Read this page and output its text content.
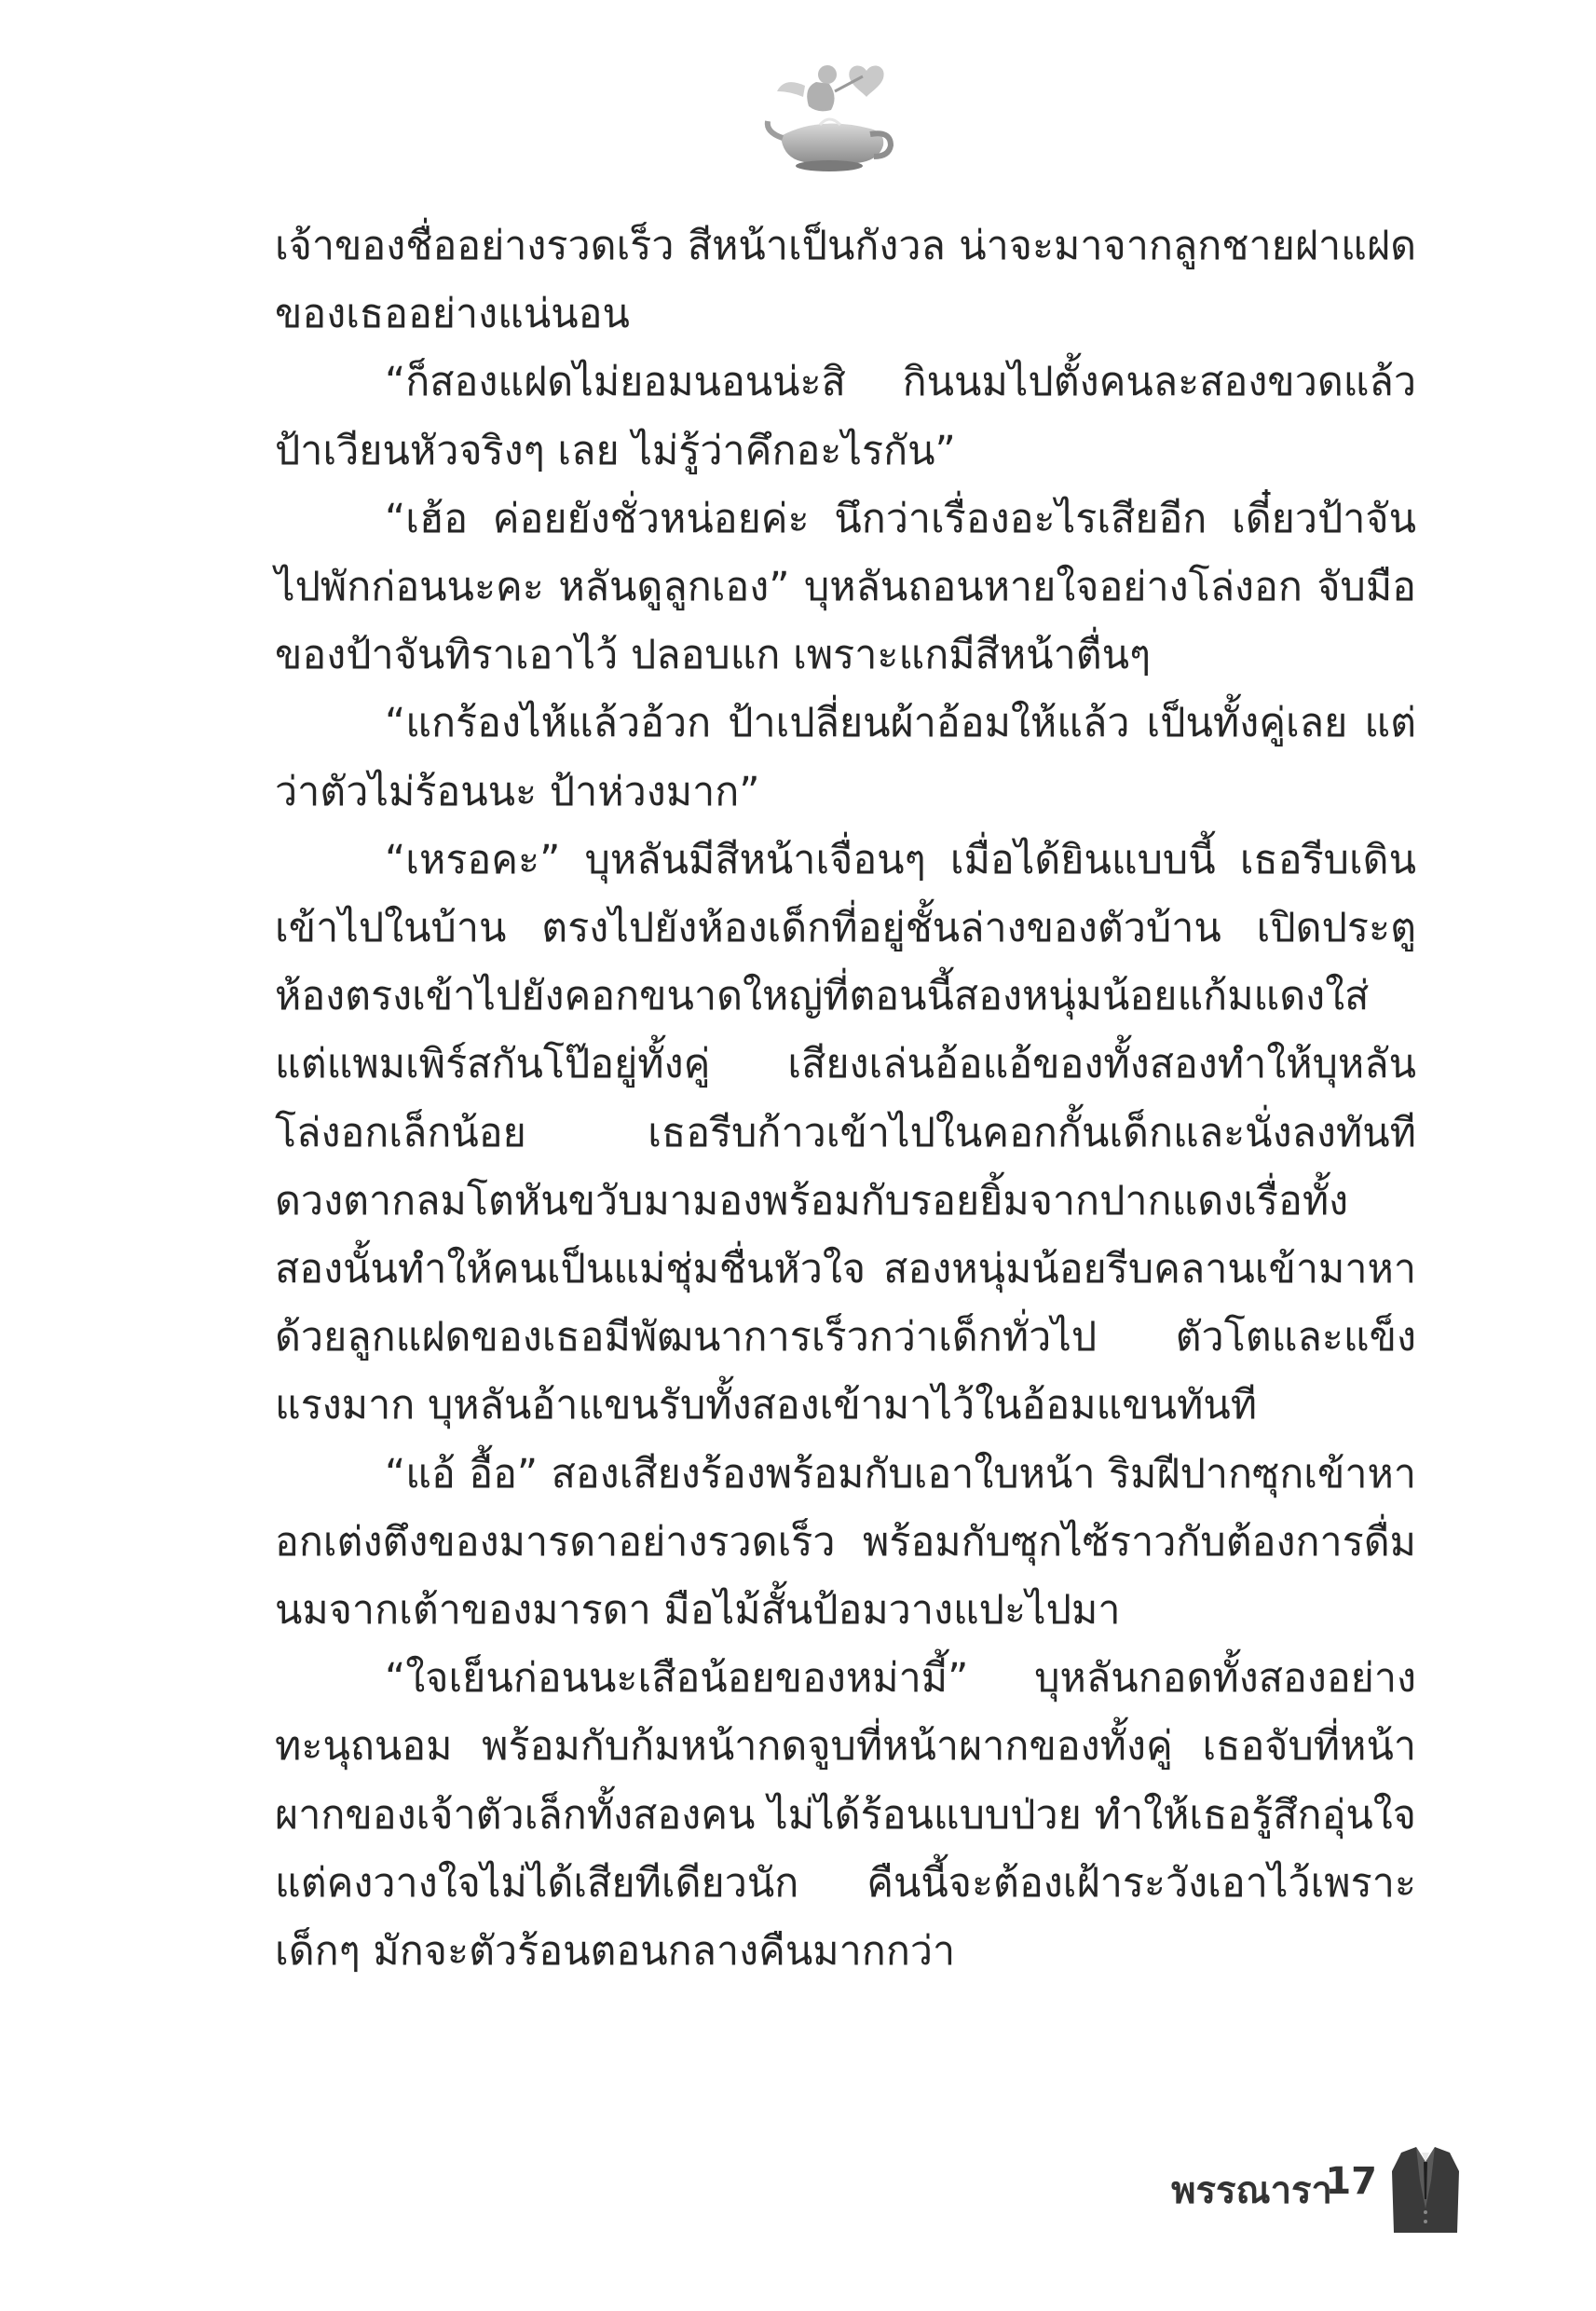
เจ้าของชื่ออย่างรวดเร็ว สีหน้าเป็นกังวล น่าจะมาจากลูกชายฝาแฝดของเธออย่างแน่นอน

“ก็สองแฝดไม่ยอมนอนน่ะสิ กินนมไปตั้งคนละสองขวดแล้ว ป้าเวียนหัวจริงๆ เลย ไม่รู้ว่าคึกอะไรกัน”

“เฮ้อ ค่อยยังชั่วหน่อยค่ะ นึกว่าเรื่องอะไรเสียอีก เดี๋ยวป้าจันไปพักก่อนนะคะ หลันดูลูกเอง” บุหลันถอนหายใจอย่างโล่งอก จับมือของป้าจันทิราเอาไว้ ปลอบแก เพราะแกมีสีหน้าตื่นๆ

“แกร้องไห้แล้วอ้วก ป้าเปลี่ยนผ้าอ้อมให้แล้ว เป็นทั้งคู่เลย แต่ว่าตัวไม่ร้อนนะ ป้าห่วงมาก”

“เหรอคะ” บุหลันมีสีหน้าเจื่อนๆ เมื่อได้ยินแบบนี้ เธอรีบเดินเข้าไปในบ้าน ตรงไปยังห้องเด็กที่อยู่ชั้นล่างของตัวบ้าน เปิดประตูห้องตรงเข้าไปยังคอกขนาดใหญ่ที่ตอนนี้สองหนุ่มน้อยแก้มแดงใส่แต่แพมเพิร์สกันโป๊อยู่ทั้งคู่ เสียงเล่นอ้อแอ้ของทั้งสองทำให้บุหลันโล่งอกเล็กน้อย เธอรีบก้าวเข้าไปในคอกกั้นเด็กและนั่งลงทันที ดวงตากลมโตหันขวับมามองพร้อมกับรอยยิ้มจากปากแดงเรื่อทั้งสองนั้นทำให้คนเป็นแม่ชุ่มชื่นหัวใจ สองหนุ่มน้อยรีบคลานเข้ามาหา ด้วยลูกแฝดของเธอมีพัฒนาการเร็วกว่าเด็กทั่วไป ตัวโตและแข็งแรงมาก บุหลันอ้าแขนรับทั้งสองเข้ามาไว้ในอ้อมแขนทันที

“แอ้ อื้อ” สองเสียงร้องพร้อมกับเอาใบหน้า ริมฝีปากซุกเข้าหาอกเต่งตึงของมารดาอย่างรวดเร็ว พร้อมกับซุกไซ้ราวกับต้องการดื่มนมจากเต้าของมารดา มือไม้สั้นป้อมวางแปะไปมา

“ใจเย็นก่อนนะเสือน้อยของหม่ามี้” บุหลันกอดทั้งสองอย่างทะนุถนอม พร้อมกับก้มหน้ากดจูบที่หน้าผากของทั้งคู่ เธอจับที่หน้าผากของเจ้าตัวเล็กทั้งสองคน ไม่ได้ร้อนแบบป่วย ทำให้เธอรู้สึกอุ่นใจ แต่คงวางใจไม่ได้เสียทีเดียวนัก คืนนี้จะต้องเฝ้าระวังเอาไว้เพราะเด็กๆ มักจะตัวร้อนตอนกลางคืนมากกว่า

พรรณารา
17
